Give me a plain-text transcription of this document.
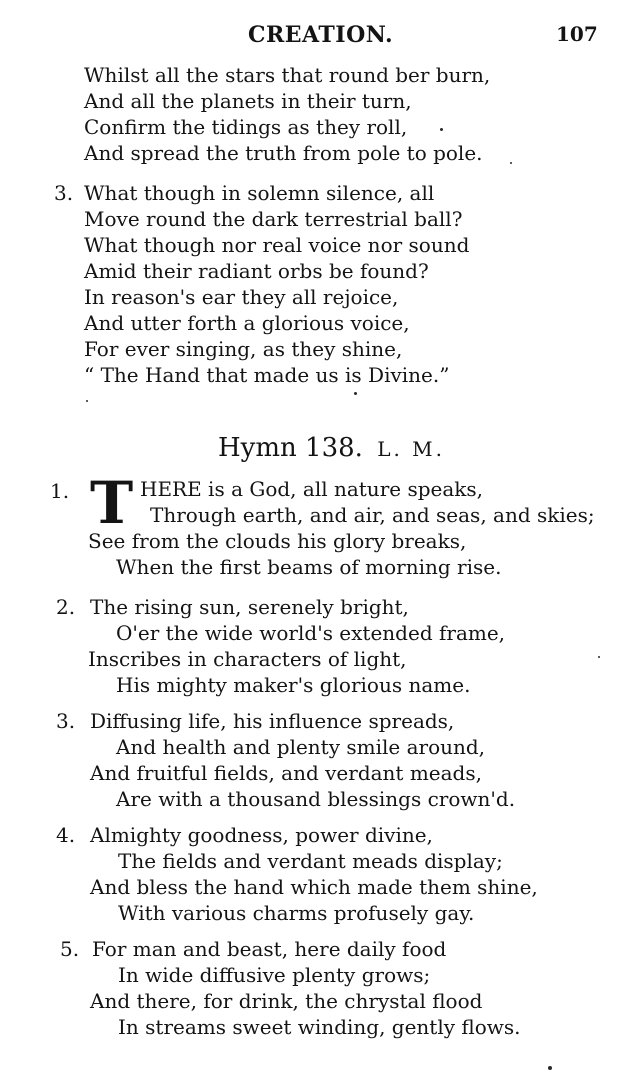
CREATION.	107
Whilst all the stars that round ber burn,
And all the planets in their turn,
Confirm the tidings as they roll,
And spread the truth from pole to pole.
3. What though in solemn silence, all
Move round the dark terrestrial ball?
What though nor real voice nor sound
Amid their radiant orbs be found?
In reason's ear they all rejoice,
And utter forth a glorious voice,
For ever singing, as they shine,
“ The Hand that made us is Divine.”
Hymn 138. L. M.
1. T HERE is a God, all nature speaks,
Through earth, and air, and seas, and skies;
See from the clouds his glory breaks,
When the first beams of morning rise.
2. The rising sun, serenely bright,
O'er the wide world's extended frame,
Inscribes in characters of light,
His mighty maker's glorious name.
3. Diffusing life, his influence spreads,
And health and plenty smile around,
And fruitful fields, and verdant meads,
Are with a thousand blessings crown'd.
4. Almighty goodness, power divine,
The fields and verdant meads display;
And bless the hand which made them shine,
With various charms profusely gay.
5. For man and beast, here daily food
In wide diffusive plenty grows;
And there, for drink, the chrystal flood
In streams sweet winding, gently flows.
